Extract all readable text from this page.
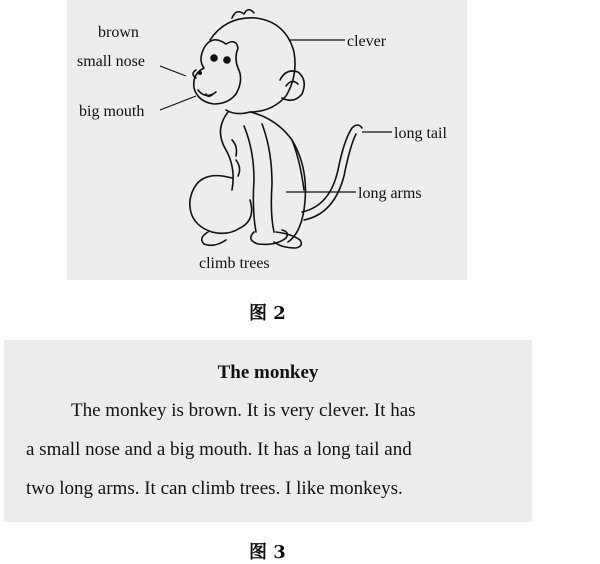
brown
small nose
big mouth
clever
long tail
long arms
climb trees
图 2
The monkey
The monkey is brown. It is very clever. It has
a small nose and a big mouth. It has a long tail and
two long arms. It can climb trees. I like monkeys.
图 3
